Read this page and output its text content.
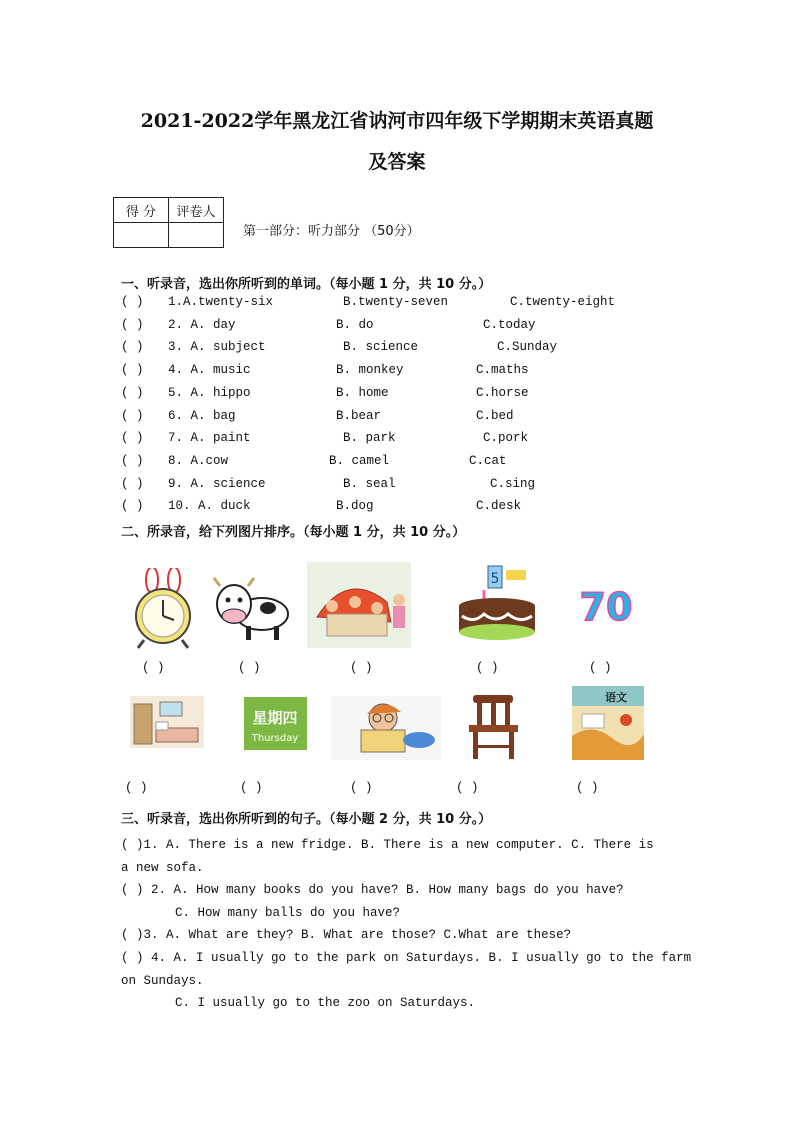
2021-2022学年黑龙江省讷河市四年级下学期期末英语真题
及答案
得 分	评卷人

第一部分：听力部分 （50分）
一、听录音，选出你所听到的单词。（每小题 1 分，共 10 分。）
( ) 1.A.twenty-six	B.twenty-seven	C.twenty-eight
( ) 2. A. day	B. do	C.today
( ) 3. A. subject	B. science	C.Sunday
( ) 4. A. music	B. monkey	C.maths
( ) 5. A. hippo	B. home	C.horse
( ) 6. A. bag	B.bear	C.bed
( ) 7. A. paint	B. park	C.pork
( ) 8. A.cow	B. camel	C.cat
( ) 9. A. science	B. seal	C.sing
( ) 10. A. duck	B.dog	C.desk
二、所录音，给下列图片排序。（每小题 1 分，共 10 分。）
5
70
( )	( )	( )	( )	( )
星期四
Thursday
语文
( )	( )	( )	( )	( )
三、听录音，选出你所听到的句子。（每小题 2 分，共 10 分。）
( )1. A. There is a new fridge. B. There is a new computer. C. There is
a new sofa.
( ) 2. A. How many books do you have? B. How many bags do you have?
C. How many balls do you have?
( )3. A. What are they? B. What are those? C.What are these?
( ) 4. A. I usually go to the park on Saturdays. B. I usually go to the farm
on Sundays.
C. I usually go to the zoo on Saturdays.
